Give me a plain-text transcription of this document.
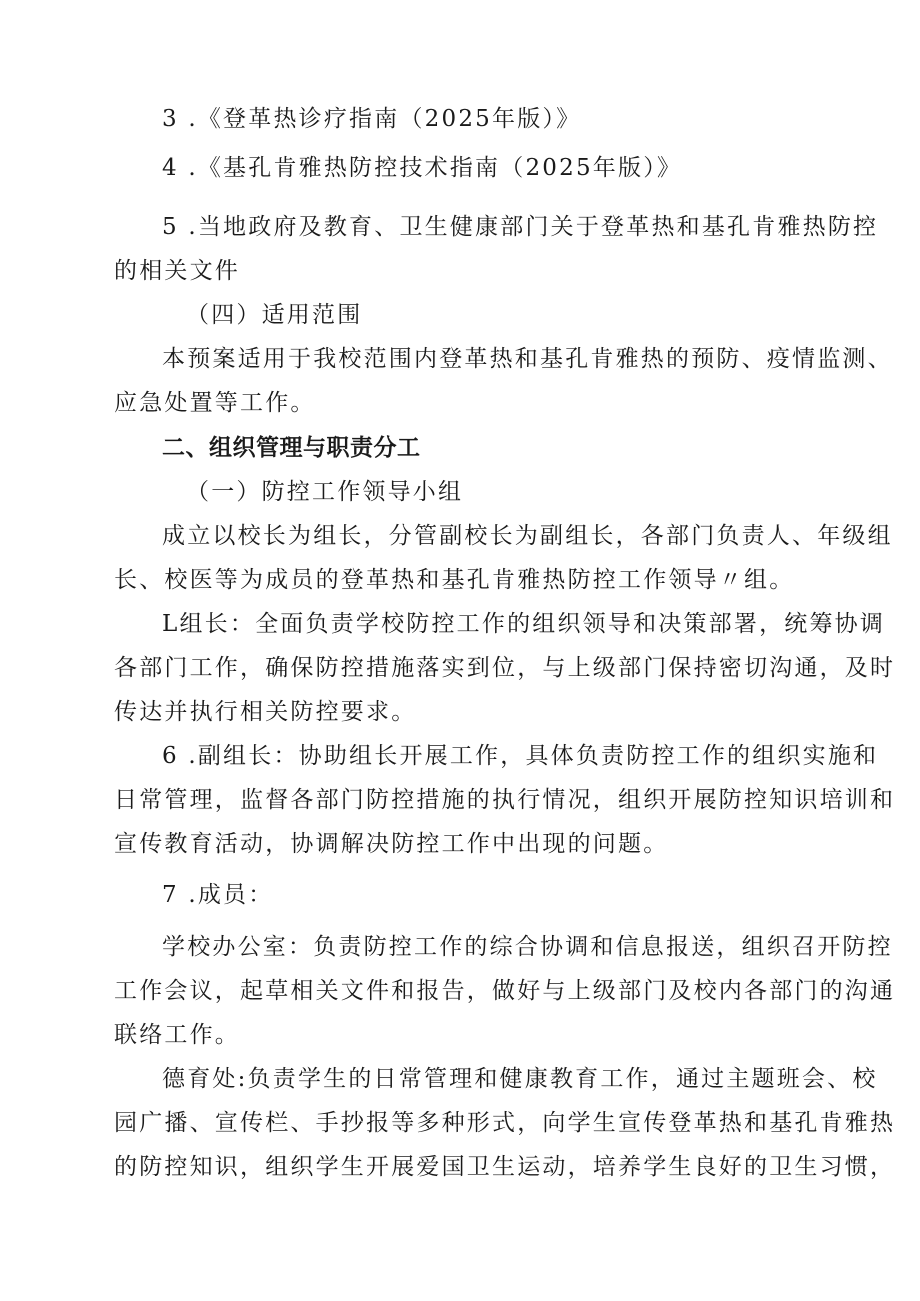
3 .《登革热诊疗指南（2025年版）》
4 .《基孔肯雅热防控技术指南（2025年版）》
5 .当地政府及教育、卫生健康部门关于登革热和基孔肯雅热防控
的相关文件
（四）适用范围
本预案适用于我校范围内登革热和基孔肯雅热的预防、疫情监测、
应急处置等工作。
二、组织管理与职责分工
（一）防控工作领导小组
成立以校长为组长，分管副校长为副组长，各部门负责人、年级组
长、校医等为成员的登革热和基孔肯雅热防控工作领导〃组。
L组长：全面负责学校防控工作的组织领导和决策部署，统筹协调
各部门工作，确保防控措施落实到位，与上级部门保持密切沟通，及时
传达并执行相关防控要求。
6 .副组长：协助组长开展工作，具体负责防控工作的组织实施和
日常管理，监督各部门防控措施的执行情况，组织开展防控知识培训和
宣传教育活动，协调解决防控工作中出现的问题。
7 .成员：
学校办公室：负责防控工作的综合协调和信息报送，组织召开防控
工作会议，起草相关文件和报告，做好与上级部门及校内各部门的沟通
联络工作。
德育处:负责学生的日常管理和健康教育工作，通过主题班会、校
园广播、宣传栏、手抄报等多种形式，向学生宣传登革热和基孔肯雅热
的防控知识，组织学生开展爱国卫生运动，培养学生良好的卫生习惯，
